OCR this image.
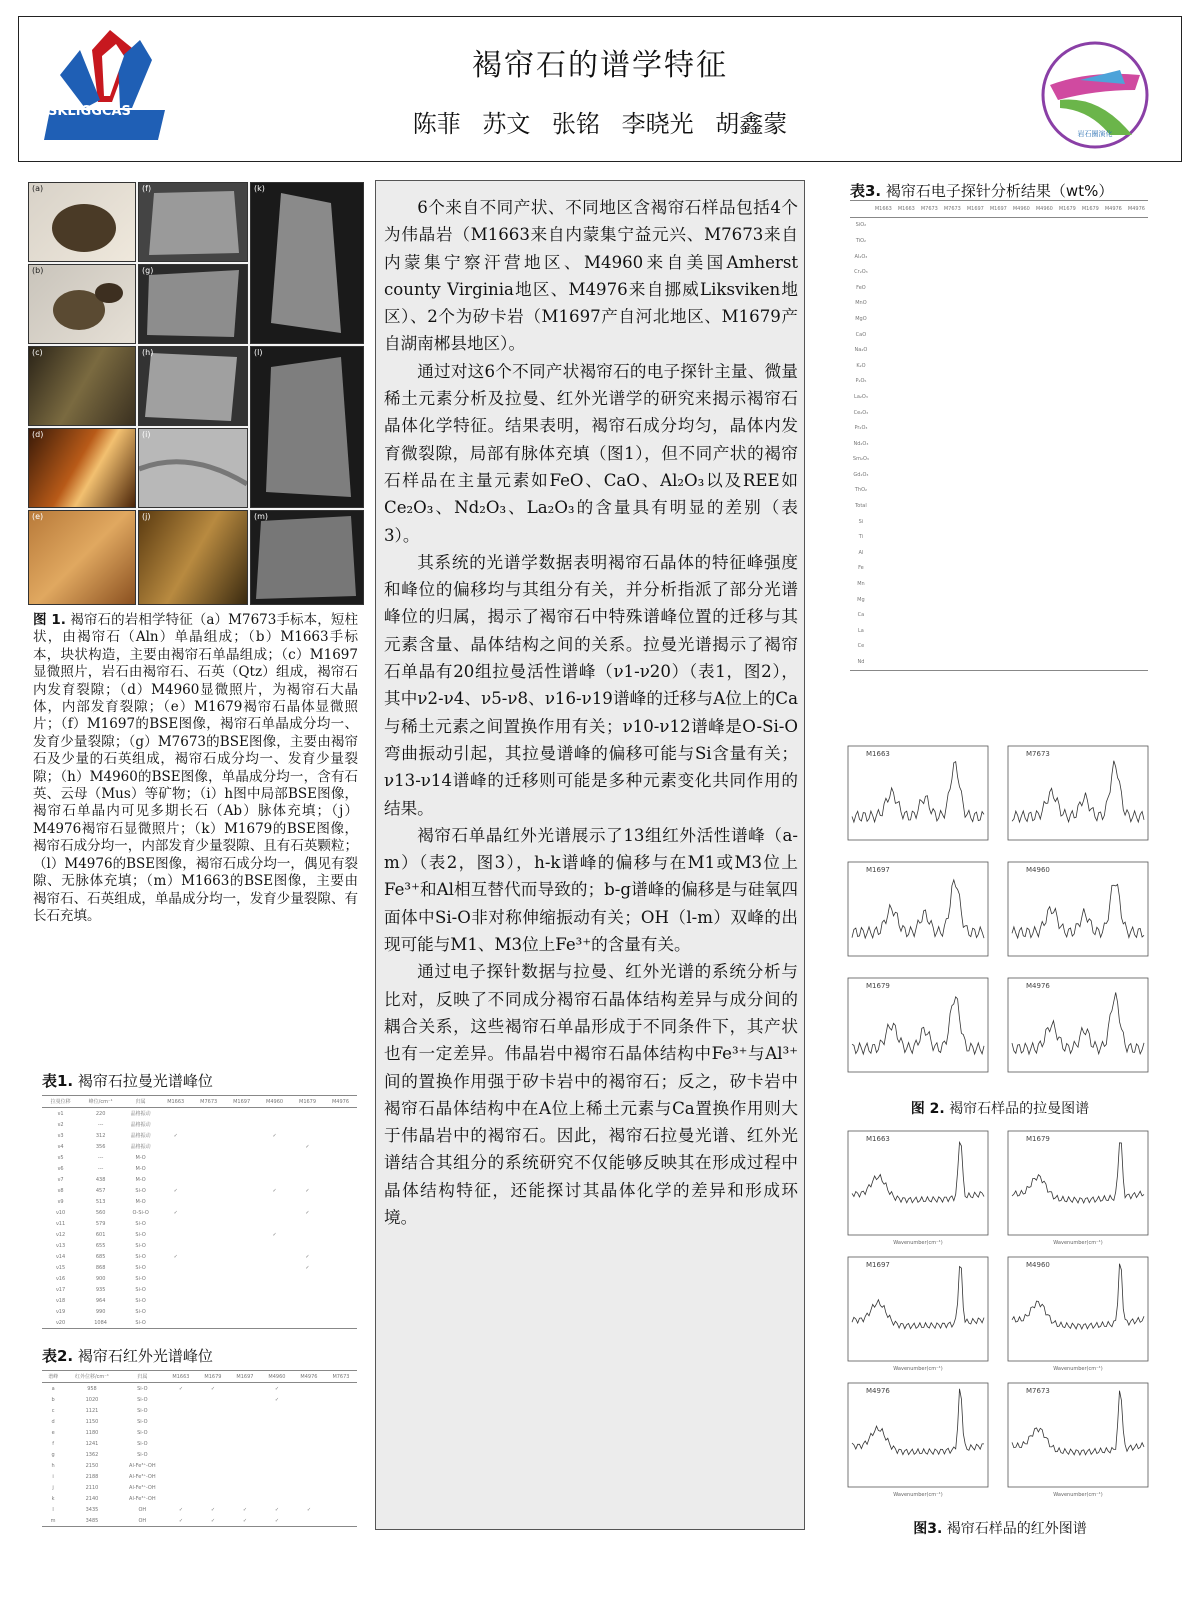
SKLIGGCAS
褐帘石的谱学特征
陈菲 苏文 张铭 李晓光 胡鑫蒙	岩石圈演化
(a)
(b)
(c)
(d)
(e)
(f)
(g)
(h)
(i)
(j)
(k)
(l)
(m)
图 1. 褐帘石的岩相学特征（a）M7673手标本，短柱状，由褐帘石（Aln）单晶组成；（b）M1663手标本，块状构造，主要由褐帘石单晶组成；（c）M1697显微照片，岩石由褐帘石、石英（Qtz）组成，褐帘石内发育裂隙；（d）M4960显微照片，为褐帘石大晶体，内部发育裂隙；（e）M1679褐帘石晶体显微照片；（f）M1697的BSE图像，褐帘石单晶成分均一、发育少量裂隙；（g）M7673的BSE图像，主要由褐帘石及少量的石英组成，褐帘石成分均一、发育少量裂隙；（h）M4960的BSE图像，单晶成分均一，含有石英、云母（Mus）等矿物；（i）h图中局部BSE图像，褐帘石单晶内可见多期长石（Ab）脉体充填；（j）M4976褐帘石显微照片；（k）M1679的BSE图像，褐帘石成分均一，内部发育少量裂隙、且有石英颗粒；（l）M4976的BSE图像，褐帘石成分均一，偶见有裂隙、无脉体充填；（m）M1663的BSE图像，主要由褐帘石、石英组成，单晶成分均一，发育少量裂隙、有长石充填。
表1. 褐帘石拉曼光谱峰位
拉曼位移	峰位/cm⁻¹	归属	M1663	M7673	M1697	M4960	M1679	M4976
ν1	220	晶格振动						
ν2	---	晶格振动						
ν3	312	晶格振动	✓			✓		
ν4	356	晶格振动					✓	
ν5	---	M-O						
ν6	---	M-O						
ν7	438	M-O						
ν8	457	Si-O	✓			✓	✓	
ν9	513	M-O						
ν10	560	O-Si-O	✓				✓	
ν11	579	Si-O						
ν12	601	Si-O				✓		
ν13	655	Si-O						
ν14	685	Si-O	✓				✓	
ν15	868	Si-O					✓	
ν16	900	Si-O						
ν17	935	Si-O						
ν18	964	Si-O						
ν19	990	Si-O						
ν20	1084	Si-O						
表2. 褐帘石红外光谱峰位
谱峰	红外位移/cm⁻¹	归属	M1663	M1679	M1697	M4960	M4976	M7673
a	958	Si-O	✓	✓		✓		
b	1020	Si-O				✓		
c	1121	Si-O						
d	1150	Si-O						
e	1180	Si-O						
f	1241	Si-O						
g	1362	Si-O						
h	2150	Al-Fe³⁺-OH						
i	2188	Al-Fe³⁺-OH						
j	2110	Al-Fe³⁺-OH						
k	2140	Al-Fe³⁺-OH						
l	3435	OH	✓	✓	✓	✓	✓	
m	3485	OH	✓	✓	✓	✓		

6个来自不同产状、不同地区含褐帘石样品包括4个为伟晶岩（M1663来自内蒙集宁益元兴、M7673来自内蒙集宁察汗营地区、M4960来自美国Amherst county Virginia地区、M4976来自挪威Liksviken地区）、2个为矽卡岩（M1697产自河北地区、M1679产自湖南郴县地区）。

通过对这6个不同产状褐帘石的电子探针主量、微量稀土元素分析及拉曼、红外光谱学的研究来揭示褐帘石晶体化学特征。结果表明，褐帘石成分均匀，晶体内发育微裂隙，局部有脉体充填（图1），但不同产状的褐帘石样品在主量元素如FeO、CaO、Al₂O₃以及REE如Ce₂O₃、Nd₂O₃、La₂O₃的含量具有明显的差别（表3）。

其系统的光谱学数据表明褐帘石晶体的特征峰强度和峰位的偏移均与其组分有关，并分析指派了部分光谱峰位的归属，揭示了褐帘石中特殊谱峰位置的迁移与其元素含量、晶体结构之间的关系。拉曼光谱揭示了褐帘石单晶有20组拉曼活性谱峰（ν1-ν20）（表1，图2），其中ν2-ν4、ν5-ν8、ν16-ν19谱峰的迁移与A位上的Ca与稀土元素之间置换作用有关；ν10-ν12谱峰是O-Si-O弯曲振动引起，其拉曼谱峰的偏移可能与Si含量有关；ν13-ν14谱峰的迁移则可能是多种元素变化共同作用的结果。

褐帘石单晶红外光谱展示了13组红外活性谱峰（a-m）（表2，图3），h-k谱峰的偏移与在M1或M3位上Fe³⁺和Al相互替代而导致的；b-g谱峰的偏移是与硅氧四面体中Si-O非对称伸缩振动有关；OH（l-m）双峰的出现可能与M1、M3位上Fe³⁺的含量有关。

通过电子探针数据与拉曼、红外光谱的系统分析与比对，反映了不同成分褐帘石晶体结构差异与成分间的耦合关系，这些褐帘石单晶形成于不同条件下，其产状也有一定差异。伟晶岩中褐帘石晶体结构中Fe³⁺与Al³⁺间的置换作用强于矽卡岩中的褐帘石；反之，矽卡岩中褐帘石晶体结构中在A位上稀土元素与Ca置换作用则大于伟晶岩中的褐帘石。因此，褐帘石拉曼光谱、红外光谱结合其组分的系统研究不仅能够反映其在形成过程中晶体结构特征，还能探讨其晶体化学的差异和形成环境。

表3. 褐帘石电子探针分析结果（wt%）
	M1663	M1663	M7673	M7673	M1697	M1697	M4960	M4960	M1679	M1679	M4976	M4976
SiO₂												
TiO₂												
Al₂O₃												
Cr₂O₃												
FeO												
MnO												
MgO												
CaO												
Na₂O												
K₂O												
P₂O₅												
La₂O₃												
Ce₂O₃												
Pr₂O₃												
Nd₂O₃												
Sm₂O₃												
Gd₂O₃												
ThO₂												
Total												
Si												
Ti												
Al												
Fe												
Mn												
Mg												
Ca												
La												
Ce												
Nd												
M1663	M7673
M1697	M4960
M1679	M4976
图 2. 褐帘石样品的拉曼图谱
M1663
Wavenumber(cm⁻¹)
M1679
Wavenumber(cm⁻¹)
M1697
Wavenumber(cm⁻¹)
M4960
Wavenumber(cm⁻¹)
M4976
Wavenumber(cm⁻¹)
M7673
Wavenumber(cm⁻¹)
图3. 褐帘石样品的红外图谱
